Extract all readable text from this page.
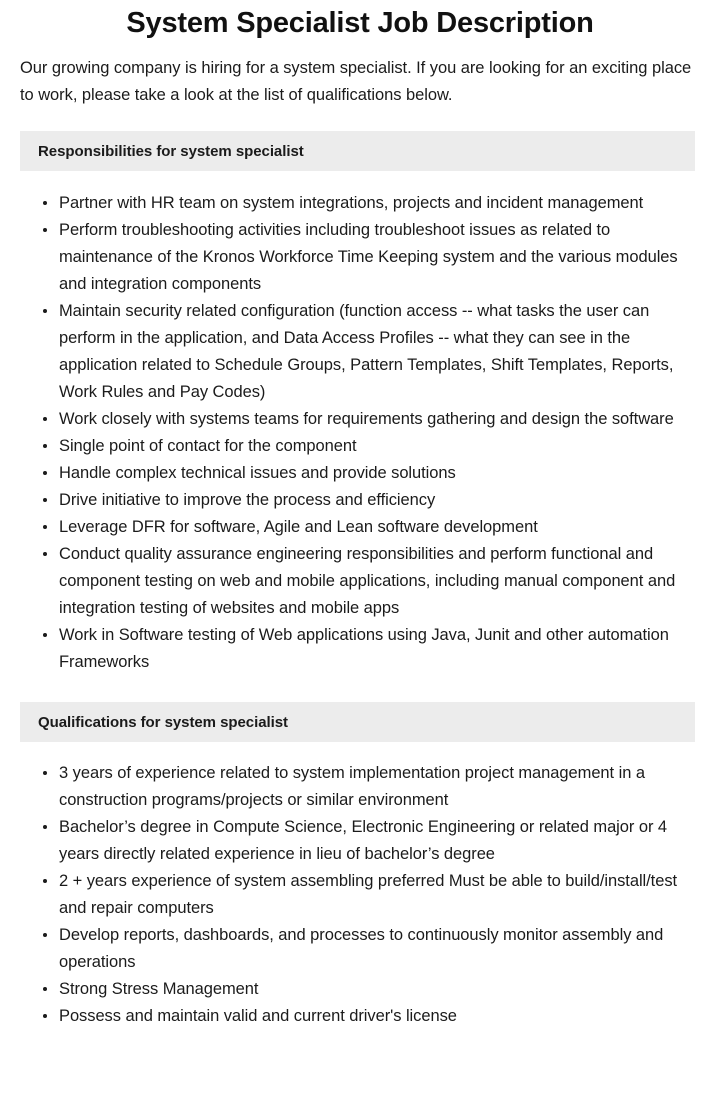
System Specialist Job Description

Our growing company is hiring for a system specialist. If you are looking for an exciting place to work, please take a look at the list of qualifications below.

Responsibilities for system specialist
Partner with HR team on system integrations, projects and incident management
Perform troubleshooting activities including troubleshoot issues as related to maintenance of the Kronos Workforce Time Keeping system and the various modules and integration components
Maintain security related configuration (function access -- what tasks the user can perform in the application, and Data Access Profiles -- what they can see in the application related to Schedule Groups, Pattern Templates, Shift Templates, Reports, Work Rules and Pay Codes)
Work closely with systems teams for requirements gathering and design the software
Single point of contact for the component
Handle complex technical issues and provide solutions
Drive initiative to improve the process and efficiency
Leverage DFR for software, Agile and Lean software development
Conduct quality assurance engineering responsibilities and perform functional and component testing on web and mobile applications, including manual component and integration testing of websites and mobile apps
Work in Software testing of Web applications using Java, Junit and other automation Frameworks
Qualifications for system specialist
3 years of experience related to system implementation project management in a construction programs/projects or similar environment
Bachelor’s degree in Compute Science, Electronic Engineering or related major or 4 years directly related experience in lieu of bachelor’s degree
2 + years experience of system assembling preferred Must be able to build/install/test and repair computers
Develop reports, dashboards, and processes to continuously monitor assembly and operations
Strong Stress Management
Possess and maintain valid and current driver's license
